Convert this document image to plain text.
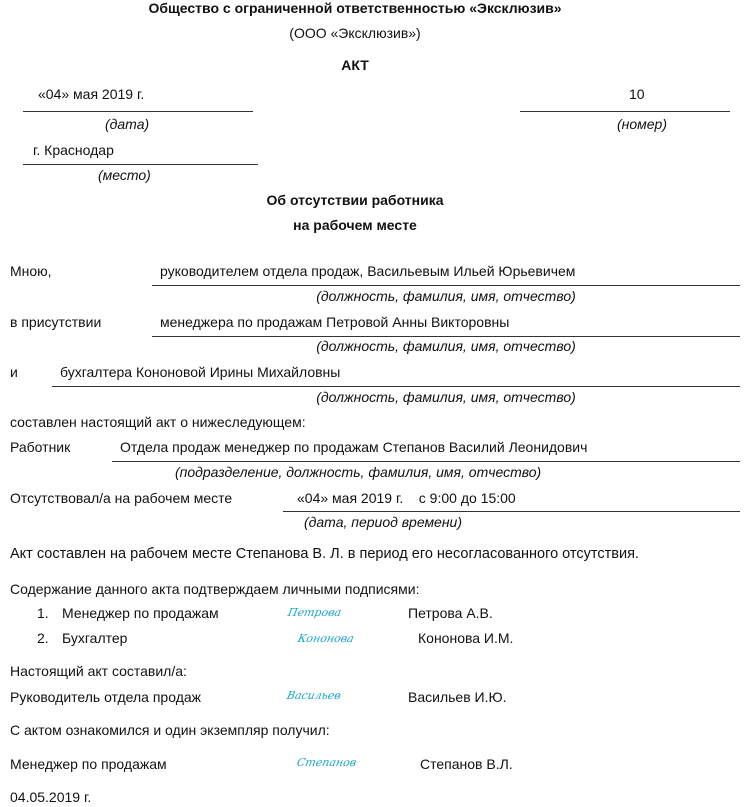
Общество с ограниченной ответственностью «Эксклюзив»
(ООО «Эксклюзив»)
АКТ
«04» мая 2019 г.
(дата)
10
(номер)
г. Краснодар
(место)
Об отсутствии работника
на рабочем месте
Мною,	руководителем отдела продаж, Васильевым Ильей Юрьевичем
(должность, фамилия, имя, отчество)
в присутствии	менеджера по продажам Петровой Анны Викторовны
(должность, фамилия, имя, отчество)
и	бухгалтера Кононовой Ирины Михайловны
(должность, фамилия, имя, отчество)
составлен настоящий акт о нижеследующем:
Работник	Отдела продаж менеджер по продажам Степанов Василий Леонидович
(подразделение, должность, фамилия, имя, отчество)
Отсутствовал/а на рабочем месте	«04» мая 2019 г.    с 9:00 до 15:00
(дата, период времени)
Акт составлен на рабочем месте Степанова В. Л. в период его несогласованного отсутствия.
Содержание данного акта подтверждаем личными подписями:
1. Менеджер по продажам	Петрова	Петрова А.В.
2. Бухгалтер	Кононова	Кононова И.М.
Настоящий акт составил/а:
Руководитель отдела продаж	Васильев	Васильев И.Ю.
С актом ознакомился и один экземпляр получил:
Менеджер по продажам	Степанов	Степанов В.Л.
04.05.2019 г.
